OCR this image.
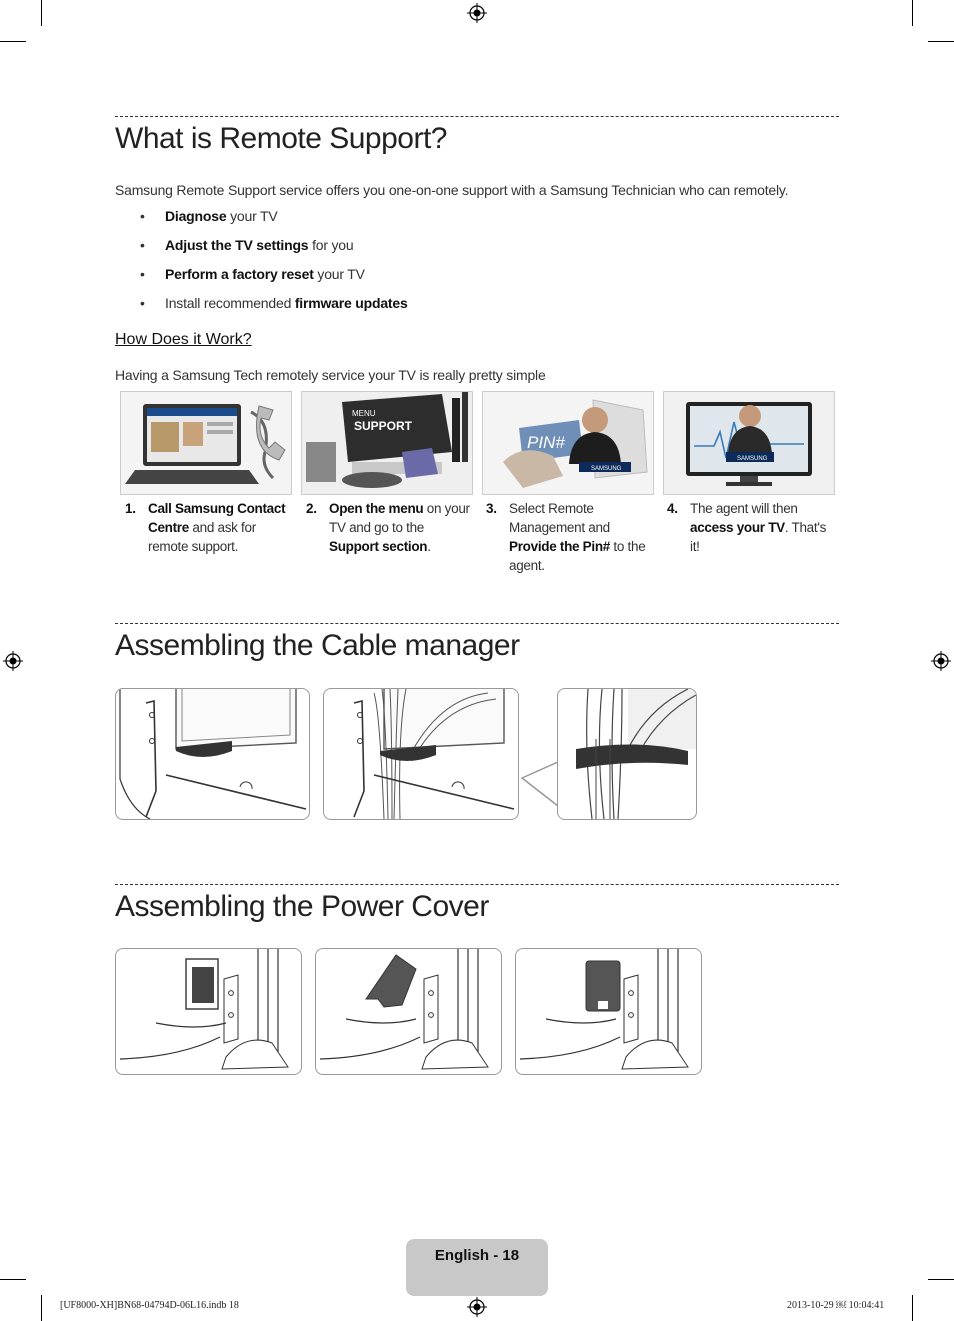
What is Remote Support?
Samsung Remote Support service offers you one-on-one support with a Samsung Technician who can remotely.
• Diagnose your TV
• Adjust the TV settings for you
• Perform a factory reset your TV
• Install recommended firmware updates
How Does it Work?
Having a Samsung Tech remotely service your TV is really pretty simple
MENU
SUPPORT
PIN#
SAMSUNG
SAMSUNG
1. Call Samsung Contact Centre and ask for remote support.
2. Open the menu on your TV and go to the Support section.
3. Select Remote Management and Provide the Pin# to the agent.
4. The agent will then access your TV. That's it!
Assembling the Cable manager
Assembling the Power Cover
English - 18
[UF8000-XH]BN68-04794D-06L16.indb 18	2013-10-29 ￼ 10:04:41
